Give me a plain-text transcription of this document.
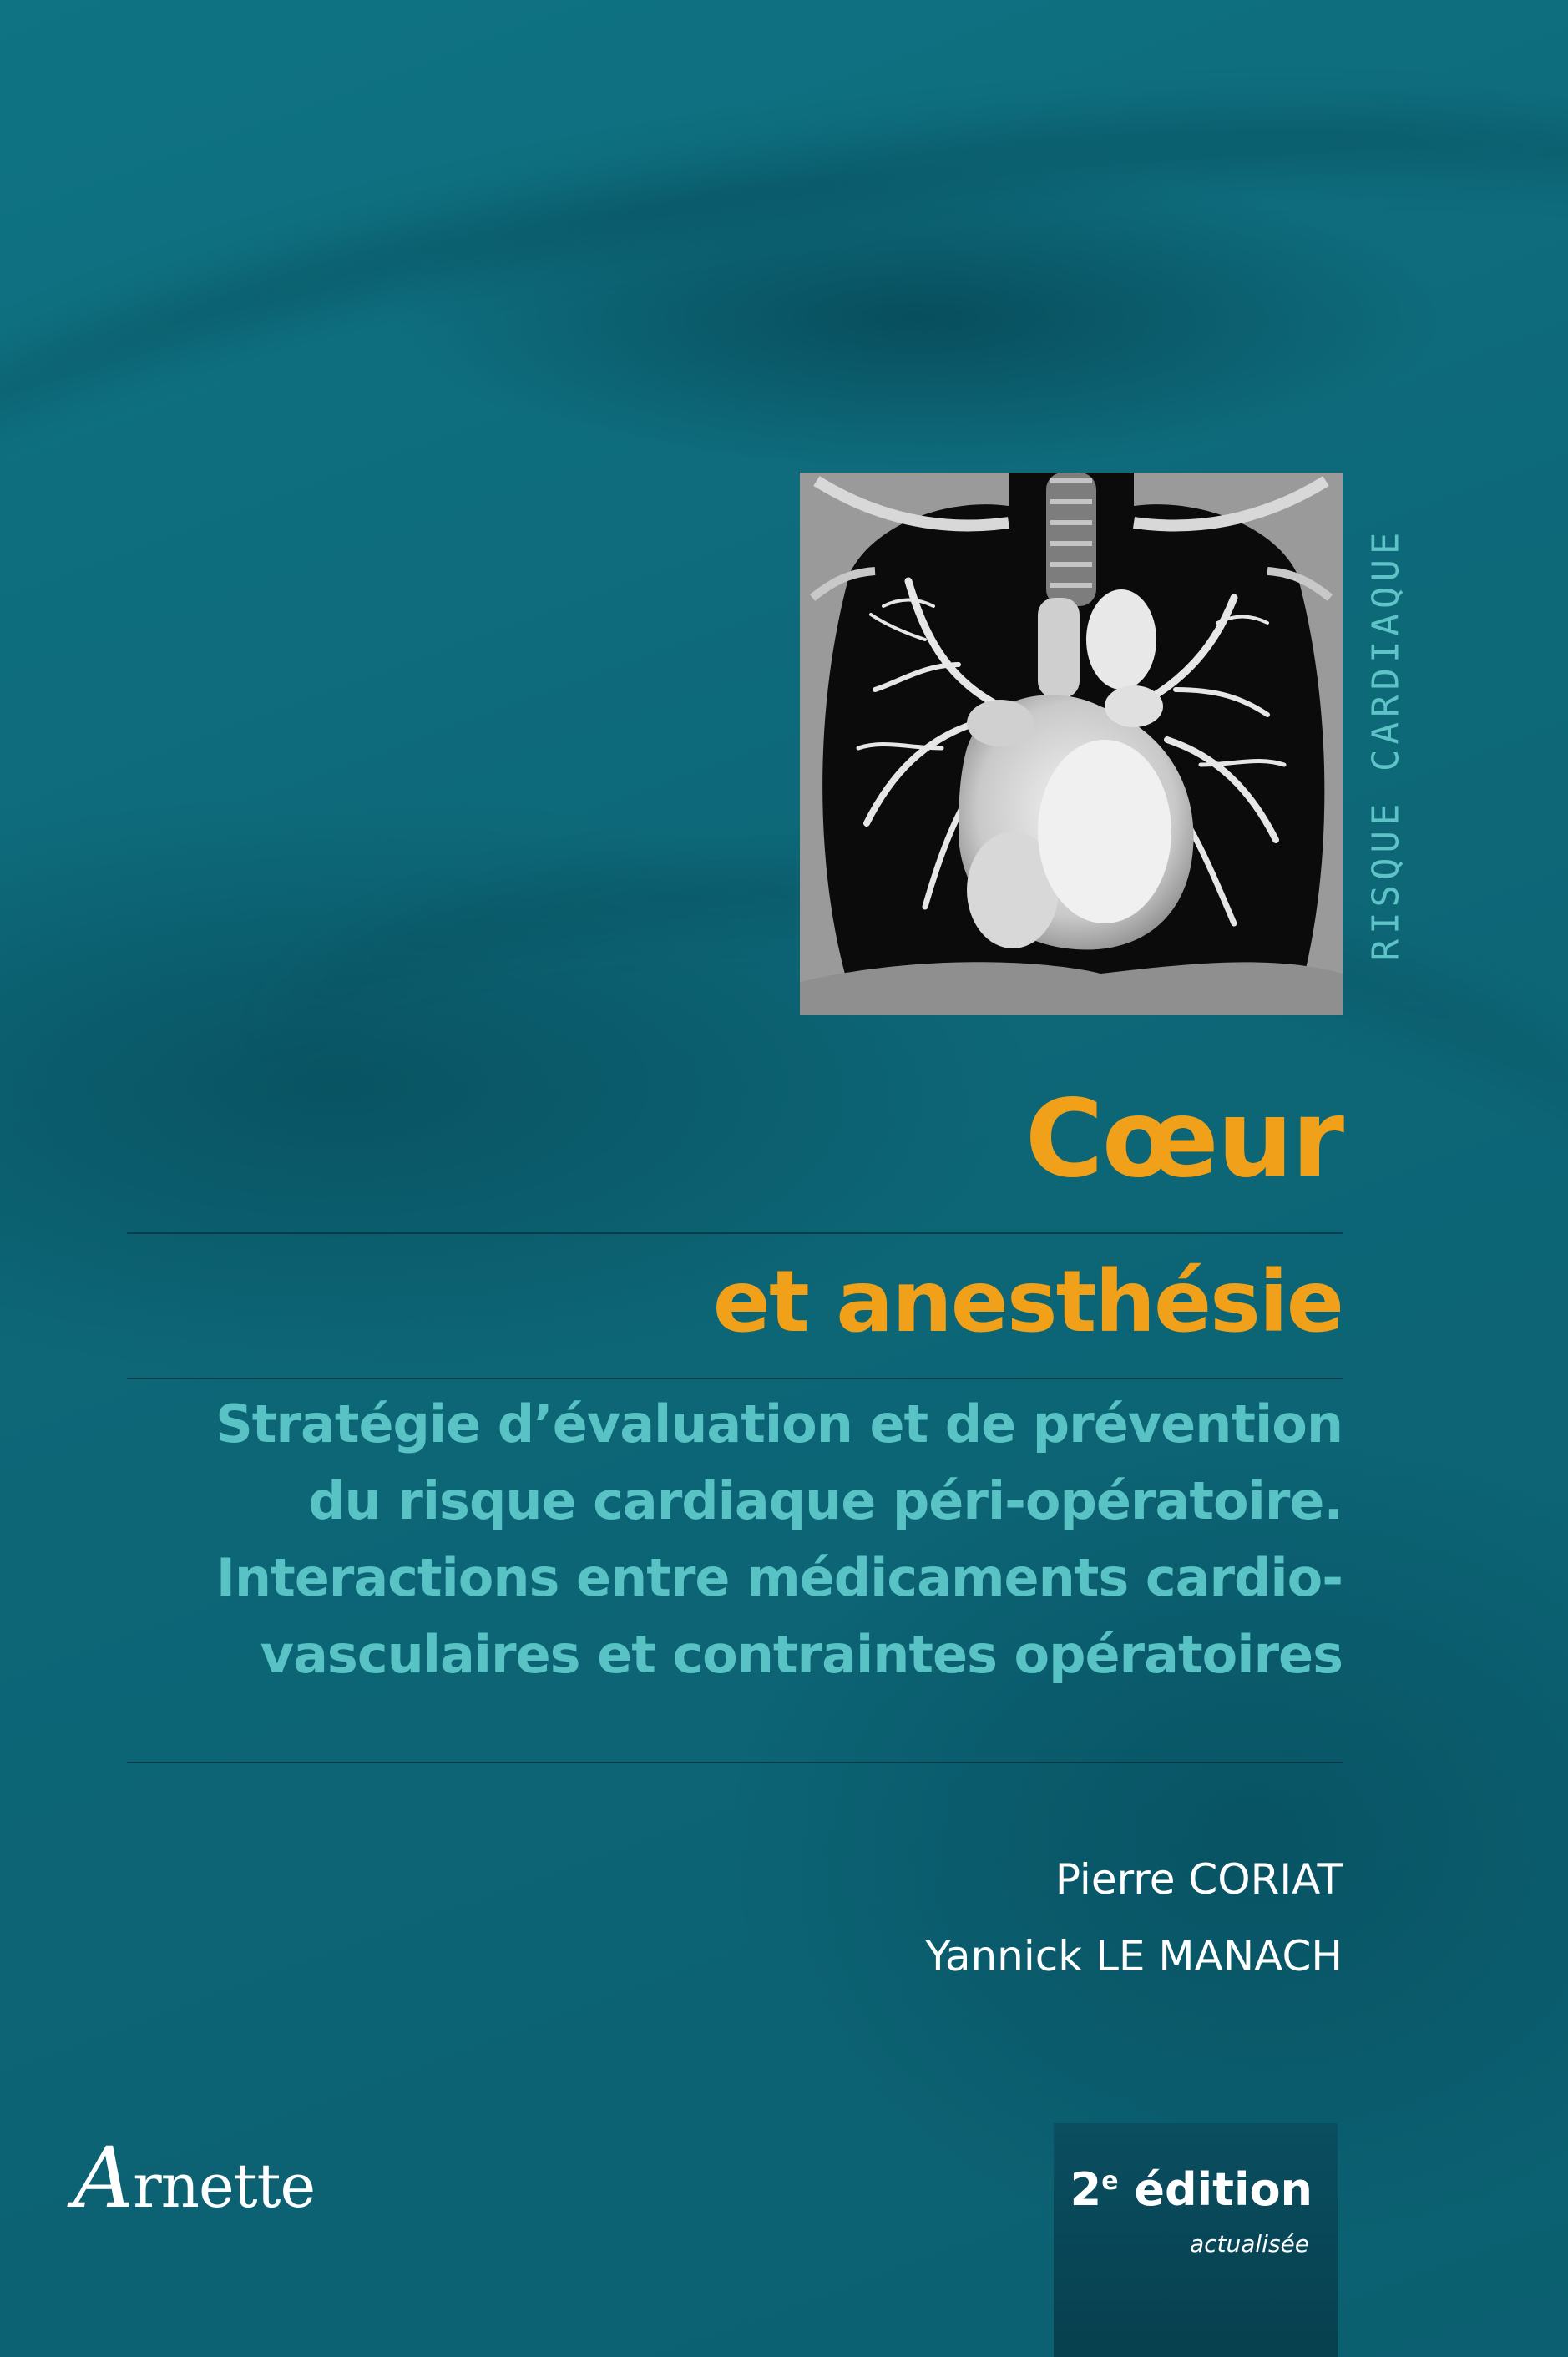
RISQUE CARDIAQUE
Cœur
et anesthésie
Stratégie d’évaluation et de prévention
du risque cardiaque péri-opératoire.
Interactions entre médicaments cardio-
vasculaires et contraintes opératoires
Pierre CORIAT
Yannick LE MANACH
Arnette	2e édition
actualisée
